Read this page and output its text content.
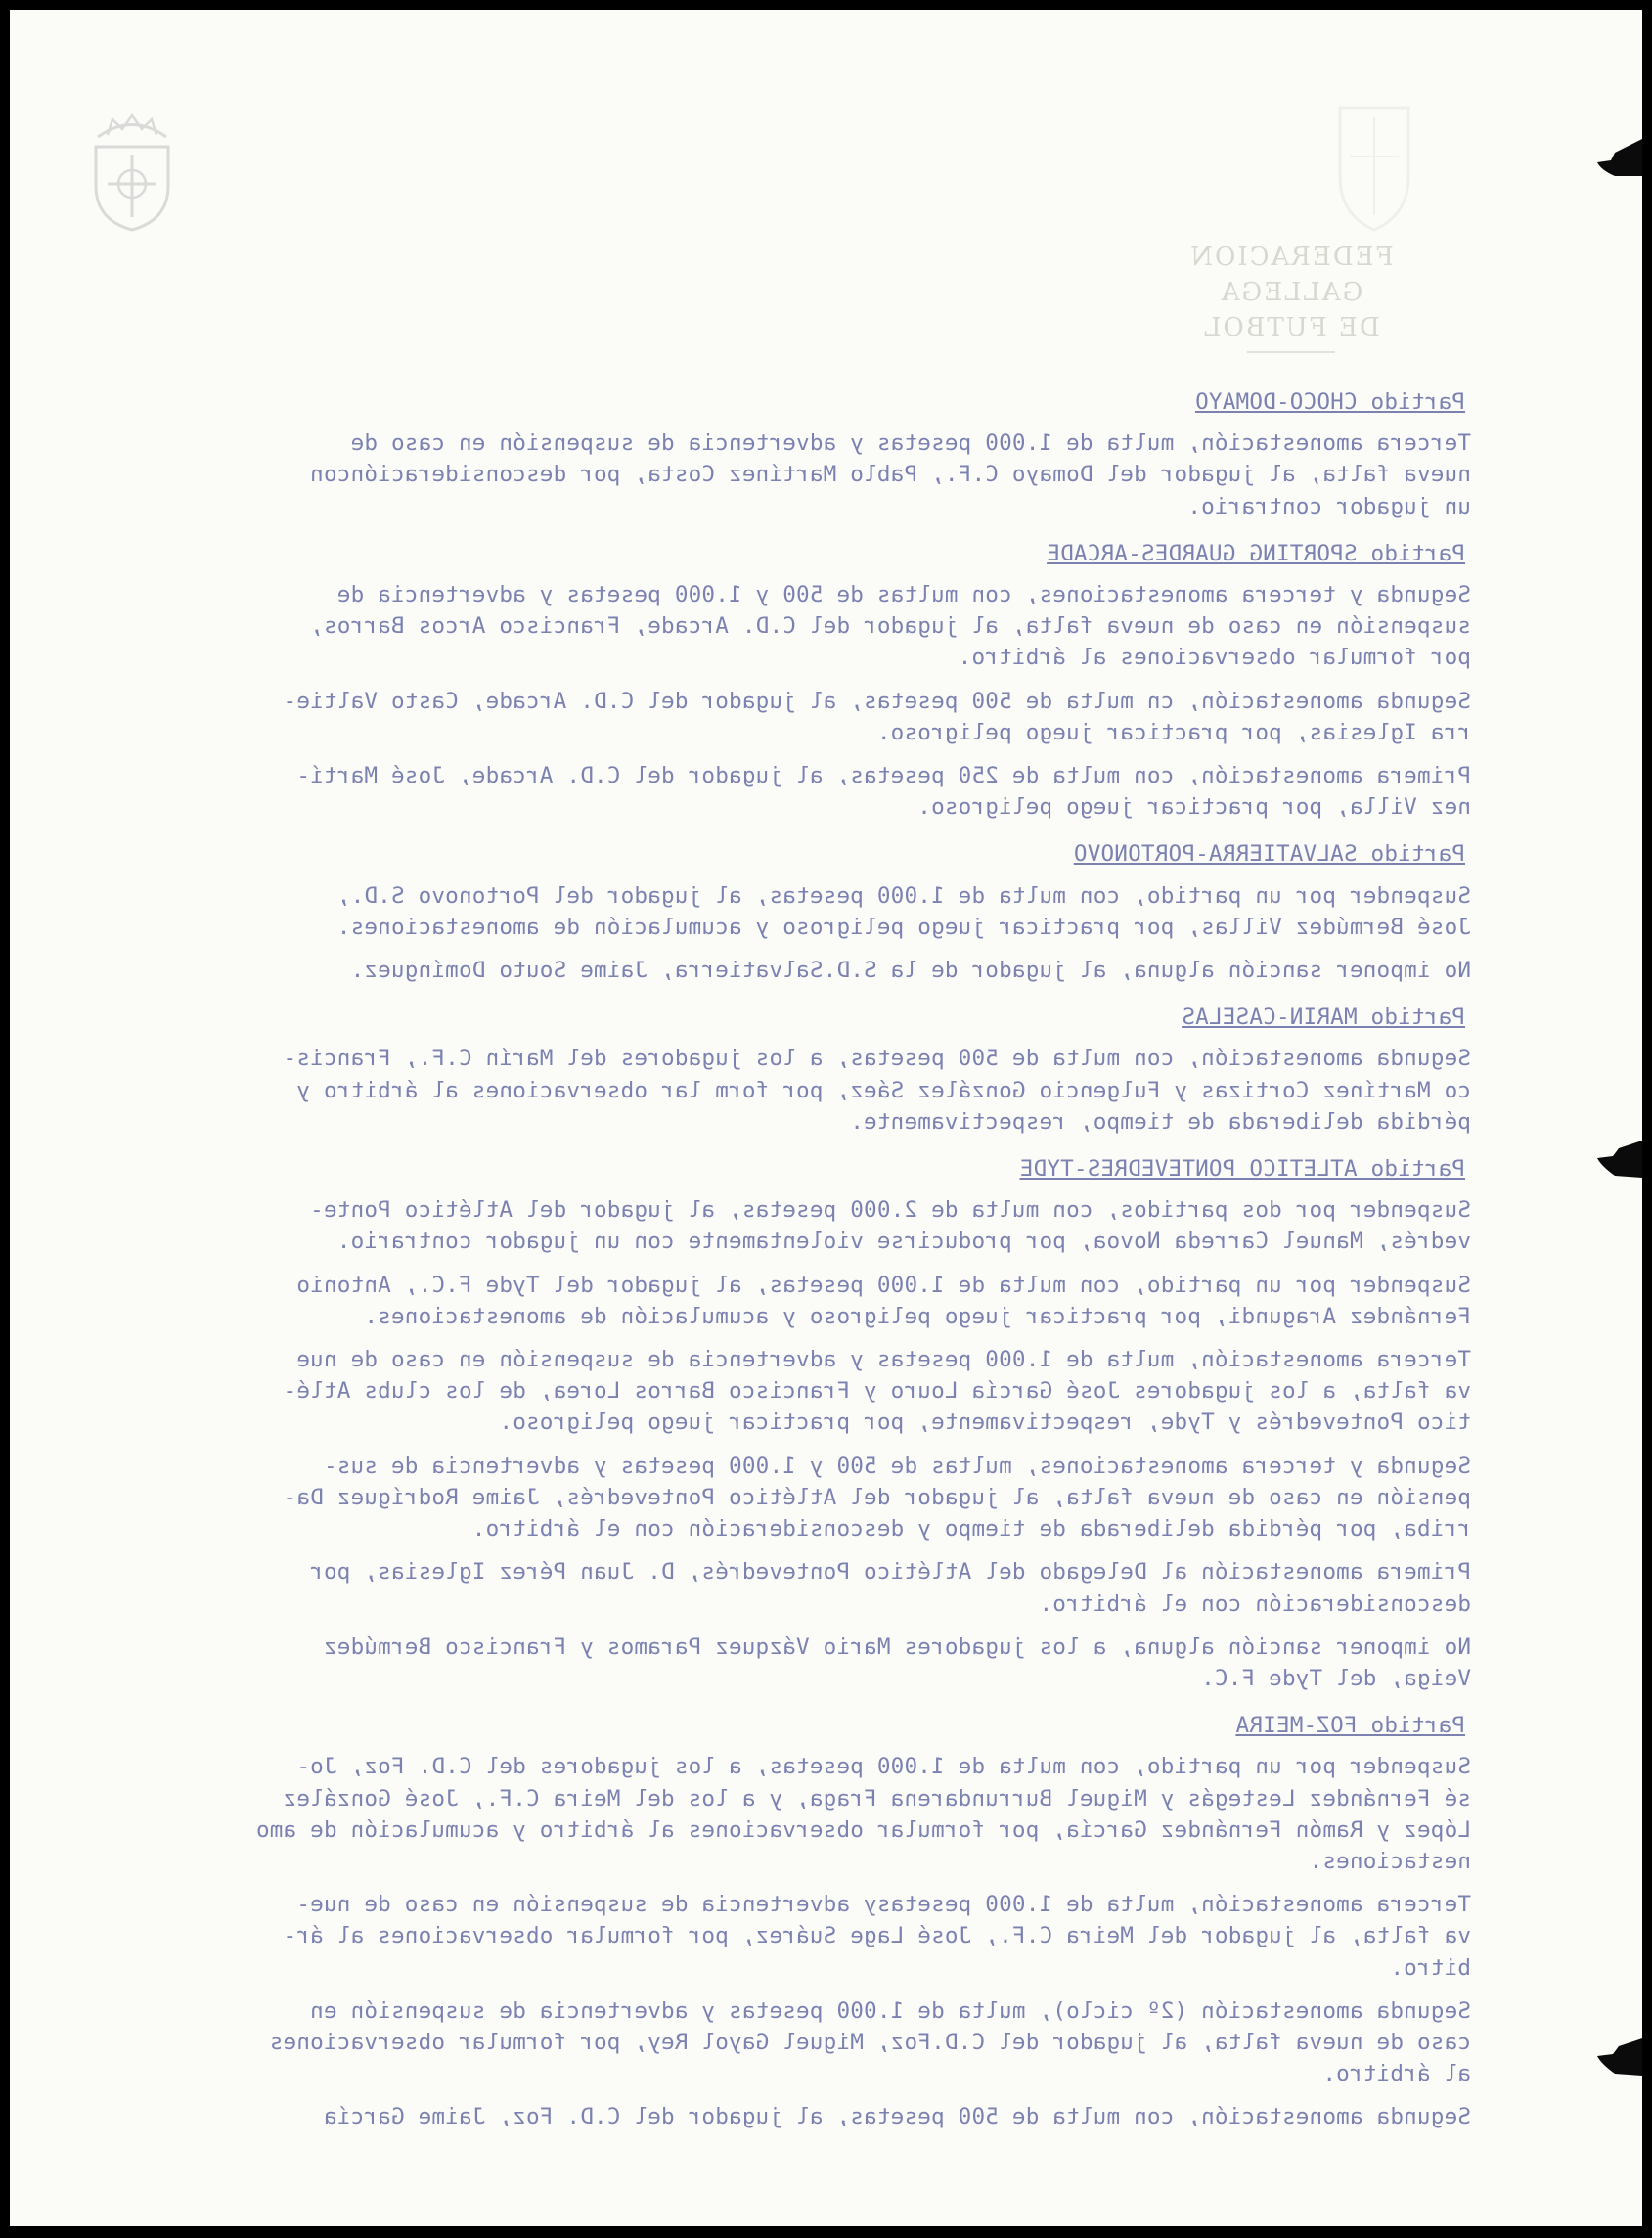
FEDERACION GALLEGA
DE FUTBOL
Partido CHOCO-DOMAYO
Tercera amonestación, multa de 1.000 pesetas y advertencia de suspensión en caso de
nueva falta, al jugador del Domayo C.F., Pablo Martínez Costa, por desconsideracióncon
un jugador contrario.
Partido SPORTING GUARDES-ARCADE
Segunda y tercera amonestaciones, con multas de 500 y 1.000 pesetas y advertencia de
suspensión en caso de nueva falta, al jugador del C.D. Arcade, Francisco Arcos Barros,
por formular observaciones al árbitro.
Segunda amonestación, cn multa de 500 pesetas, al jugador del C.D. Arcade, Casto Valtie-
rra Iglesias, por practicar juego peligroso.
Primera amonestación, con multa de 250 pesetas, al jugador del C.D. Arcade, José Martí-
nez Villa, por practicar juego peligroso.
Partido SALVATIERRA-PORTONOVO
Suspender por un partido, con multa de 1.000 pesetas, al jugador del Portonovo S.D.,
José Bermúdez Villas, por practicar juego peligroso y acumulación de amonestaciones.
No imponer sanción alguna, al jugador de la S.D.Salvatierra, Jaime Souto Domínguez.
Partido MARIN-CASELAS
Segunda amonestación, con multa de 500 pesetas, a los jugadores del Marín C.F., Francis-
co Martínez Cortizas y Fulgencio González Sáez, por form lar observaciones al árbitro y
pérdida deliberada de tiempo, respectivamente.
Partido ATLETICO PONTEVEDRES-TYDE
Suspender por dos partidos, con multa de 2.000 pesetas, al jugador del Atlético Ponte-
vedrés, Manuel Carreda Novoa, por producirse violentamente con un jugador contrario.
Suspender por un partido, con multa de 1.000 pesetas, al jugador del Tyde F.C., Antonio
Fernández Aragundi, por practicar juego peligroso y acumulación de amonestaciones.
Tercera amonestación, multa de 1.000 pesetas y advertencia de suspensión en caso de nue
va falta, a los jugadores José García Louro y Francisco Barros Lorea, de los clubs Atlé-
tico Pontevedrés y Tyde, respectivamente, por practicar juego peligroso.
Segunda y tercera amonestaciones, multas de 500 y 1.000 pesetas y advertencia de sus-
pensión en caso de nueva falta, al jugador del Atlético Pontevedrés, Jaime Rodríguez Da-
rriba, por pérdida deliberada de tiempo y desconsideración con el árbitro.
Primera amonestación al Delegado del Atlético Pontevedrés, D. Juan Pérez Iglesias, por
desconsideración con el árbitro.
No imponer sanción alguna, a los jugadores Mario Vázquez Paramos y Francisco Bermúdez
Veiga, del Tyde F.C.
Partido FOZ-MEIRA
Suspender por un partido, con multa de 1.000 pesetas, a los jugadores del C.D. Foz, Jo-
sé Fernández Lestegás y Miguel Burrundarena Fraga, y a los del Meira C.F., José González
López y Ramón Fernández García, por formular observaciones al árbitro y acumulación de amo
nestaciones.
Tercera amonestación, multa de 1.000 pesetasy advertencia de suspensión en caso de nue-
va falta, al jugador del Meira C.F., José Lage Suárez, por formular observaciones al ár-
bitro.
Segunda amonestación (2º ciclo), multa de 1.000 pesetas y advertencia de suspensión en
caso de nueva falta, al jugador del C.D.Foz, Miguel Gayol Rey, por formular observaciones
al árbitro.
Segunda amonestación, con multa de 500 pesetas, al jugador del C.D. Foz, Jaime García
